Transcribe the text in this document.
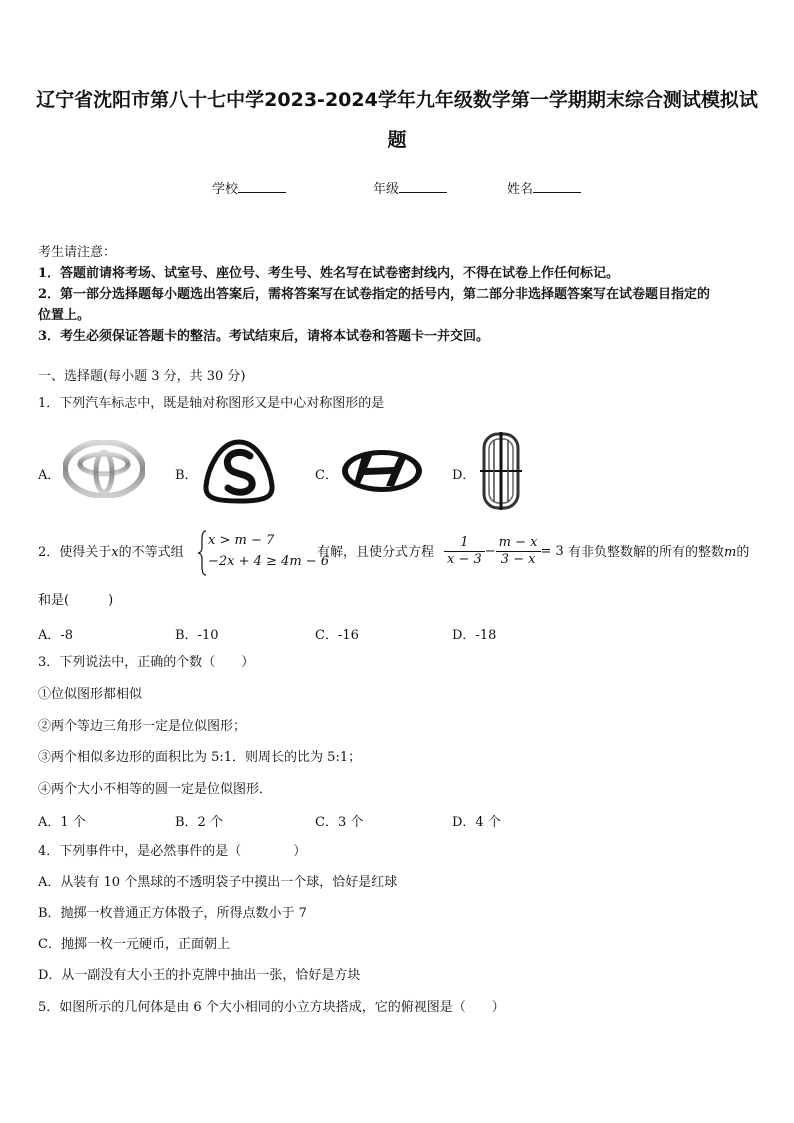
辽宁省沈阳市第八十七中学2023-2024学年九年级数学第一学期期末综合测试模拟试
题
学校	年级	姓名
考生请注意：
1．答题前请将考场、试室号、座位号、考生号、姓名写在试卷密封线内，不得在试卷上作任何标记。
2．第一部分选择题每小题选出答案后，需将答案写在试卷指定的括号内，第二部分非选择题答案写在试卷题目指定的
位置上。
3．考生必须保证答题卡的整洁。考试结束后，请将本试卷和答题卡一并交回。
一、选择题(每小题 3 分，共 30 分)
1．下列汽车标志中，既是轴对称图形又是中心对称图形的是
A．	B．	C．	D．
2．使得关于x的不等式组
x > m − 7
−2x + 4 ≥ 4m − 6
有解，且使分式方程 $\frac{1}{x - 3} - \frac{m - x}{3 - x} = 3$ 有非负整数解的所有的整数m的
和是(　　　)
A．-8	B．-10	C．-16	D．-18
3．下列说法中，正确的个数（　　）
①位似图形都相似
②两个等边三角形一定是位似图形；
③两个相似多边形的面积比为 5:1．则周长的比为 5:1；
④两个大小不相等的圆一定是位似图形．
A．1 个	B．2 个	C．3 个	D．4 个
4．下列事件中，是必然事件的是（　　　　）
A．从装有 10 个黑球的不透明袋子中摸出一个球，恰好是红球
B．抛掷一枚普通正方体骰子，所得点数小于 7
C．抛掷一枚一元硬币，正面朝上
D．从一副没有大小王的扑克牌中抽出一张，恰好是方块
5．如图所示的几何体是由 6 个大小相同的小立方块搭成，它的俯视图是（　　）
